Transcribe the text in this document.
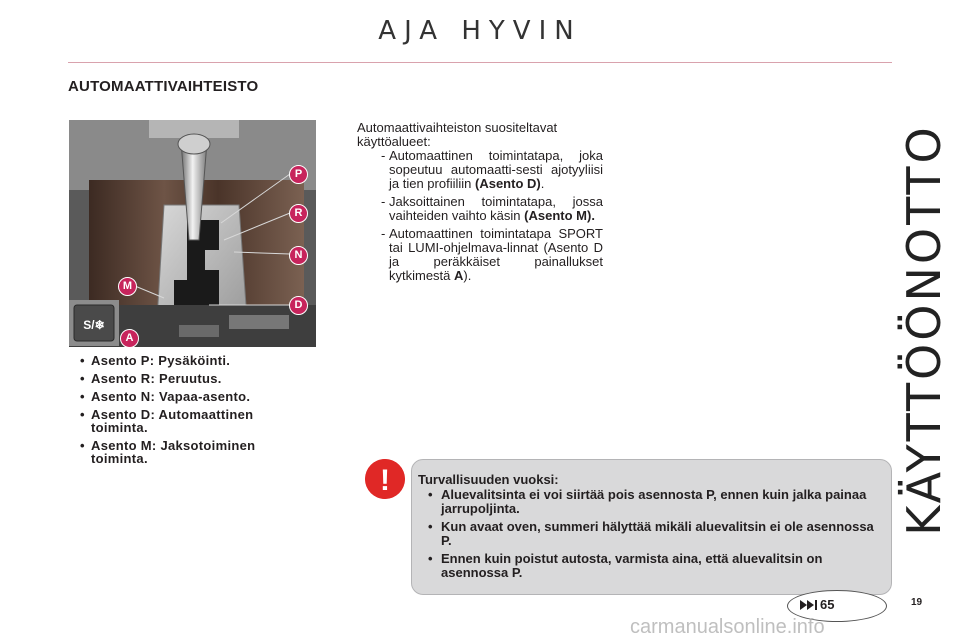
AJA HYVIN
AUTOMAATTIVAIHTEISTO
KÄYTTÖÖNOTTO
S/❄
P
R
N
D
M
A
Automaattivaihteiston suositeltavat käyttöalueet:
- Automaattinen toimintatapa, joka sopeutuu automaatti-sesti ajotyyliisi ja tien profiiliin (Asento D).
- Jaksoittainen toimintatapa, jossa vaihteiden vaihto käsin (Asento M).
- Automaattinen toimintatapa SPORT tai LUMI-ohjelmava-linnat (Asento D ja peräkkäiset painallukset kytkimestä A).
• Asento P: Pysäköinti.
• Asento R: Peruutus.
• Asento N: Vapaa-asento.
• Asento D: Automaattinen toiminta.
• Asento M: Jaksotoiminen toiminta.
! Turvallisuuden vuoksi:
• Aluevalitsinta ei voi siirtää pois asennosta P, ennen kuin jalka painaa jarrupoljinta.
• Kun avaat oven, summeri hälyttää mikäli aluevalitsin ei ole asennossa P.
• Ennen kuin poistut autosta, varmista aina, että aluevalitsin on asennossa P.
65	19
carmanualsonline.info
